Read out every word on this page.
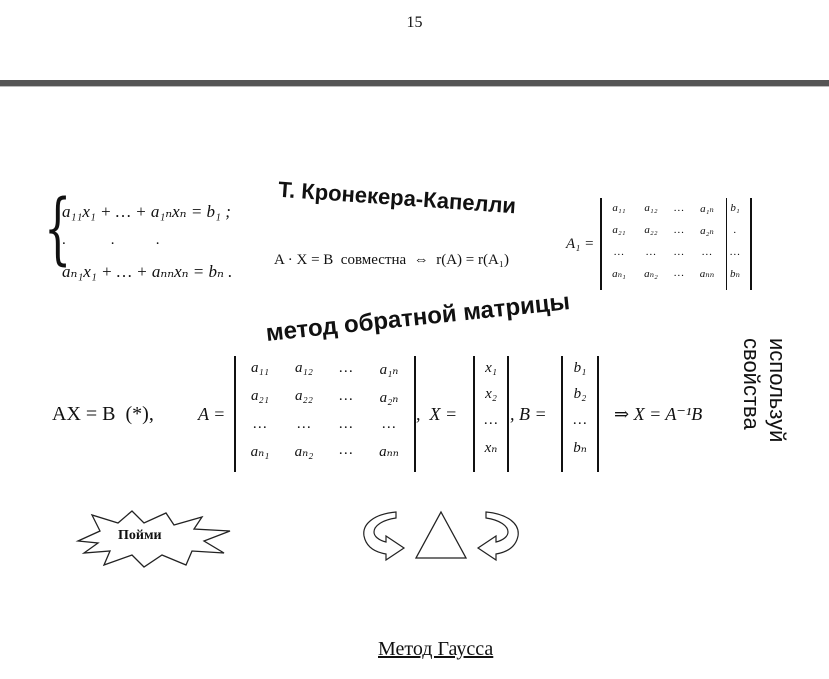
15
{
a₁₁x₁ + … + a₁ₙxₙ = b₁ ;
.            .           .
aₙ₁x₁ + … + aₙₙxₙ = bₙ .
Т. Кронекера-Капелли
A · X = B совместна ⇔ r(A) = r(A₁)
A₁ =
a₁₁	a₁₂	…	a₁ₙ	b₁
a₂₁	a₂₂	…	a₂ₙ	.
…	…	…	…	…
aₙ₁	aₙ₂	…	aₙₙ	bₙ
метод обратной матрицы
AX = B  (*), A =
a₁₁	a₁₂	…	a₁ₙ
a₂₁	a₂₂	…	a₂ₙ
…	…	…	…
aₙ₁	aₙ₂	…	aₙₙ
,  X =
x₁
x₂
…
xₙ
, B =
b₁
b₂
…
bₙ
⇒ X = A⁻¹B	используй свойства
Пойми
Метод Гаусса
